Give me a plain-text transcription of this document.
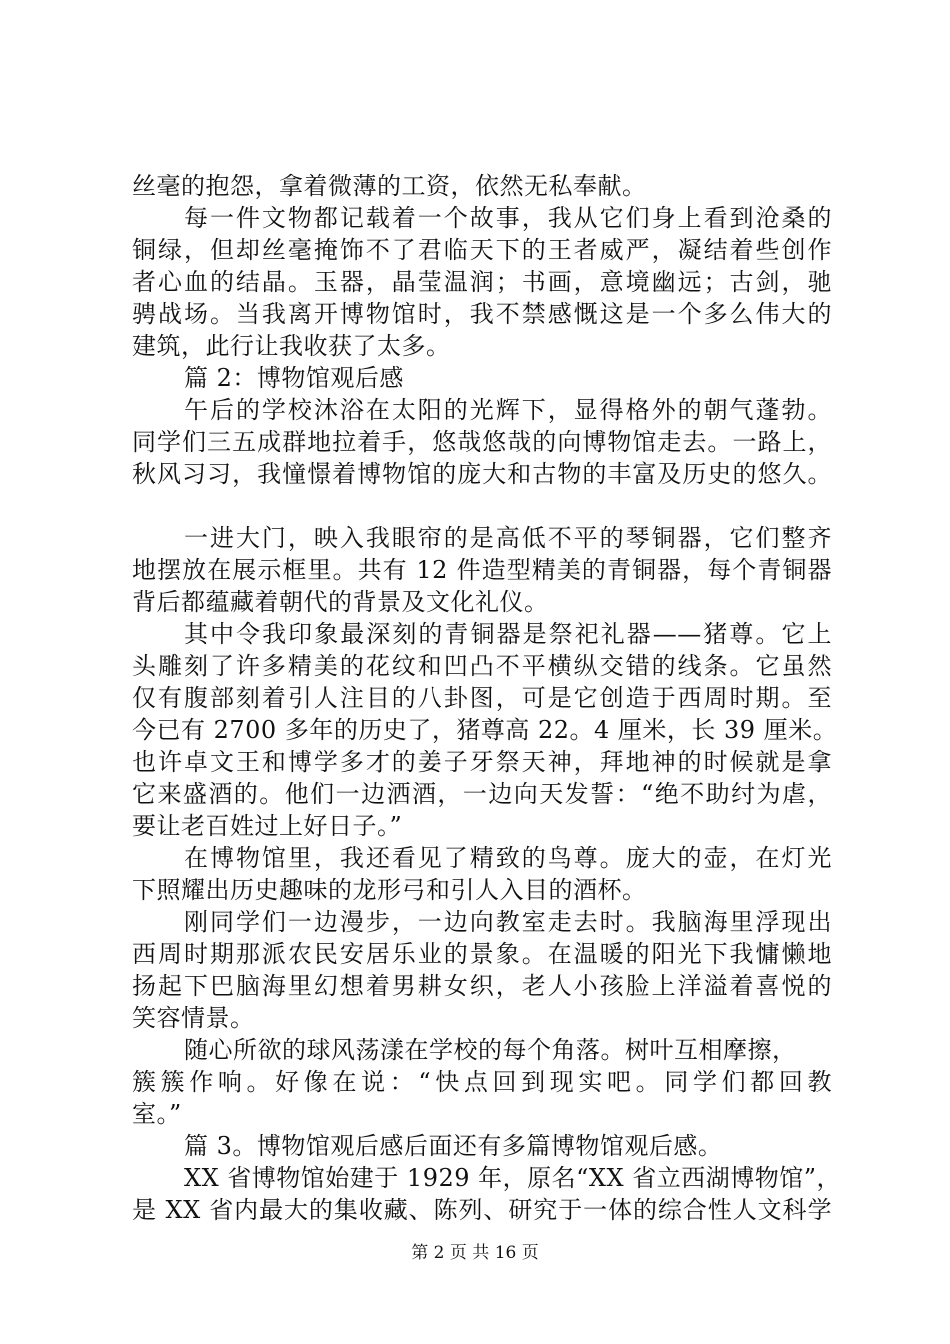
丝毫的抱怨，拿着微薄的工资，依然无私奉献。
每一件文物都记载着一个故事，我从它们身上看到沧桑的
铜绿，但却丝毫掩饰不了君临天下的王者威严，凝结着些创作
者心血的结晶。玉器，晶莹温润；书画，意境幽远；古剑，驰
骋战场。当我离开博物馆时，我不禁感慨这是一个多么伟大的
建筑，此行让我收获了太多。
篇 2：博物馆观后感
午后的学校沐浴在太阳的光辉下，显得格外的朝气蓬勃。
同学们三五成群地拉着手，悠哉悠哉的向博物馆走去。一路上，
秋风习习，我憧憬着博物馆的庞大和古物的丰富及历史的悠久。
一进大门，映入我眼帘的是高低不平的琴铜器，它们整齐
地摆放在展示框里。共有 12 件造型精美的青铜器，每个青铜器
背后都蕴藏着朝代的背景及文化礼仪。
其中令我印象最深刻的青铜器是祭祀礼器——猪尊。它上
头雕刻了许多精美的花纹和凹凸不平横纵交错的线条。它虽然
仅有腹部刻着引人注目的八卦图，可是它创造于西周时期。至
今已有 2700 多年的历史了，猪尊高 22。4 厘米，长 39 厘米。
也许卓文王和博学多才的姜子牙祭天神，拜地神的时候就是拿
它来盛酒的。他们一边洒酒，一边向天发誓：“绝不助纣为虐，
要让老百姓过上好日子。”
在博物馆里，我还看见了精致的鸟尊。庞大的壶，在灯光
下照耀出历史趣味的龙形弓和引人入目的酒杯。
刚同学们一边漫步，一边向教室走去时。我脑海里浮现出
西周时期那派农民安居乐业的景象。在温暖的阳光下我慵懒地
扬起下巴脑海里幻想着男耕女织，老人小孩脸上洋溢着喜悦的
笑容情景。
随心所欲的球风荡漾在学校的每个角落。树叶互相摩擦，
簇簇作响。好像在说：“快点回到现实吧。同学们都回教
室。”
篇 3。博物馆观后感后面还有多篇博物馆观后感。
XX 省博物馆始建于 1929 年，原名“XX 省立西湖博物馆”，
是 XX 省内最大的集收藏、陈列、研究于一体的综合性人文科学
第 2 页 共 16 页
